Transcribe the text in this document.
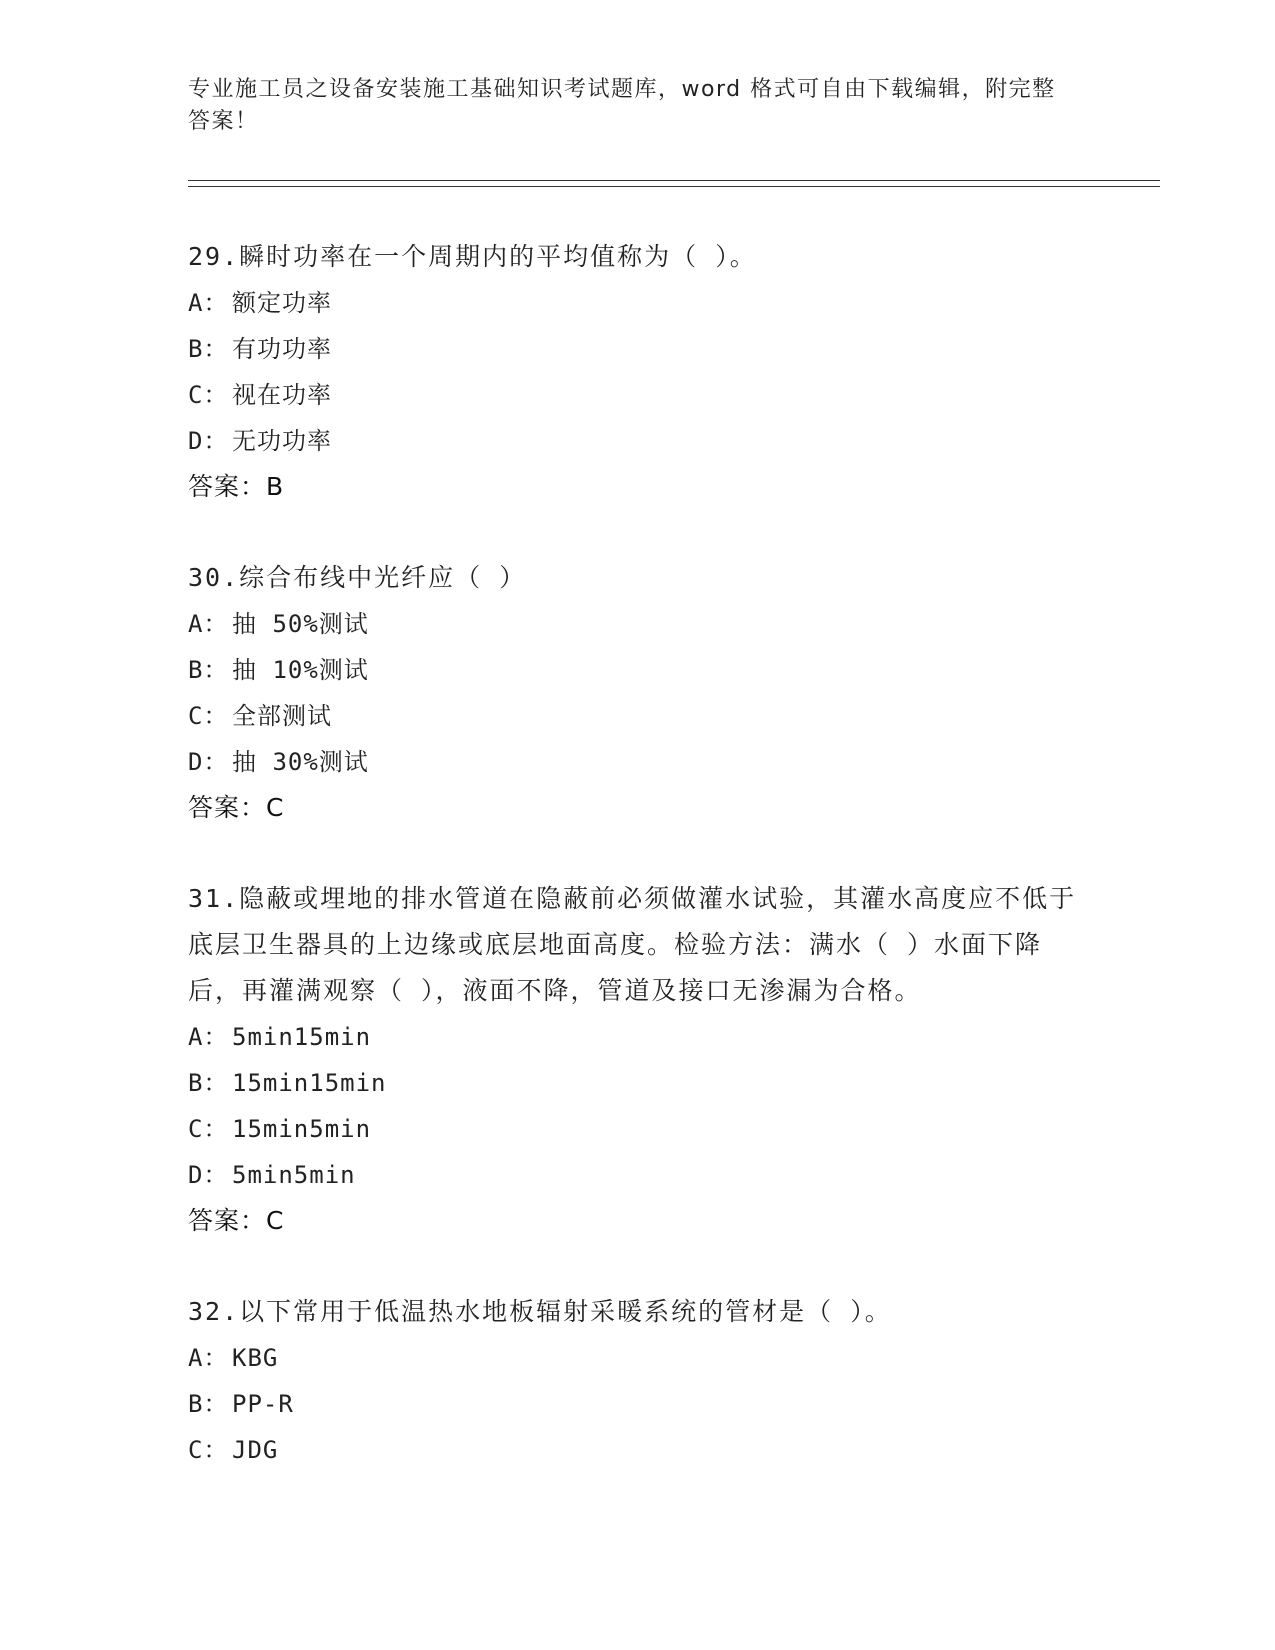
专业施工员之设备安装施工基础知识考试题库，word 格式可自由下载编辑，附完整答案！
29.瞬时功率在一个周期内的平均值称为（ ）。
A： 额定功率
B： 有功功率
C： 视在功率
D： 无功功率
答案：B
30.综合布线中光纤应（ ）
A： 抽 50%测试
B： 抽 10%测试
C： 全部测试
D： 抽 30%测试
答案：C
31.隐蔽或埋地的排水管道在隐蔽前必须做灌水试验，其灌水高度应不低于底层卫生器具的上边缘或底层地面高度。检验方法：满水（ ）水面下降后，再灌满观察（ ），液面不降，管道及接口无渗漏为合格。
A： 5min15min
B： 15min15min
C： 15min5min
D： 5min5min
答案：C
32.以下常用于低温热水地板辐射采暖系统的管材是（ ）。
A： KBG
B： PP-R
C： JDG
